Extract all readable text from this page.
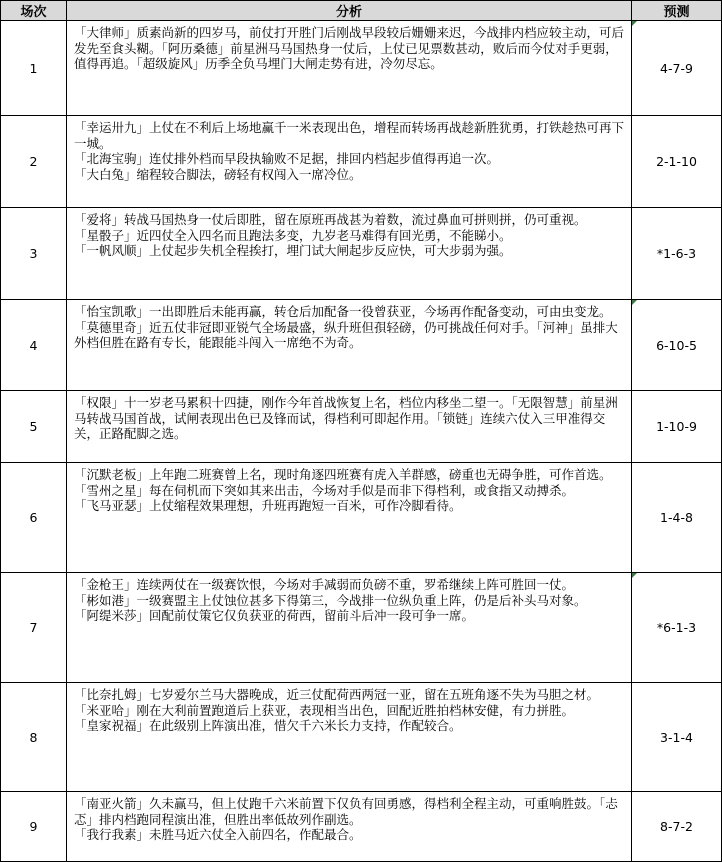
场次	分析	预测
1	「大律师」质素尚新的四岁马，前仗打开胜门后刚战早段较后姗姗来迟，今战排内档应较主动，可后发先至食头糊。「阿历桑德」前星洲马马国热身一仗后，上仗已见票数甚动，败后而今仗对手更弱，值得再追。「超级旋风」历季全负马埋门大闸走势有进，冷勿尽忘。	4-7-9
2	「幸运卅九」上仗在不利后上场地赢千一米表现出色，增程而转场再战趁新胜犹勇，打铁趁热可再下一城。
「北海宝驹」连仗排外档而早段执输败不足据，排回内档起步值得再追一次。
「大白兔」缩程较合脚法，磅轻有权闯入一席冷位。	2-1-10
3	「爱将」转战马国热身一仗后即胜，留在原班再战甚为着数，流过鼻血可拼则拼，仍可重视。
「星骰子」近四仗全入四名而且跑法多变，九岁老马难得有回光勇，不能睇小。
「一帆风顺」上仗起步失机全程挨打，埋门试大闸起步反应快，可大步弱为强。	*1-6-3
4	「怡宝凯歌」一出即胜后未能再赢，转仓后加配备一役曾获亚，今场再作配备变动，可由虫变龙。
「莫德里奇」近五仗非冠即亚锐气全场最盛，纵升班但孭轻磅，仍可挑战任何对手。「河神」虽排大外档但胜在路有专长，能跟能斗闯入一席绝不为奇。	6-10-5
5	「权限」十一岁老马累积十四捷，刚作今年首战恢复上名，档位内移坐二望一。「无限智慧」前星洲马转战马国首战，试闸表现出色已及锋而试，得档利可即起作用。「锁链」连续六仗入三甲准得交关，正路配脚之选。	1-10-9
6	「沉默老板」上年跑二班赛曾上名，现时角逐四班赛有虎入羊群感，磅重也无碍争胜，可作首选。
「雪州之星」每在伺机而下突如其来出击，今场对手似是而非下得档利，或食指又动搏杀。
「飞马亚瑟」上仗缩程效果理想，升班再跑短一百米，可作冷脚看待。	1-4-8
7	「金枪王」连续两仗在一级赛饮恨，今场对手减弱而负磅不重，罗希继续上阵可胜回一仗。
「彬如港」一级赛盟主上仗蚀位甚多下得第三，今战排一位纵负重上阵，仍是后补头马对象。
「阿缇米莎」回配前仗策它仅负获亚的荷西，留前斗后冲一段可争一席。	*6-1-3
8	「比奈扎姆」七岁爱尔兰马大器晚成，近三仗配荷西两冠一亚，留在五班角逐不失为马胆之材。
「米亚哈」刚在大利前置跑道后上获亚，表现相当出色，回配近胜拍档林安健，有力拼胜。
「皇家祝福」在此级别上阵演出准，惜欠千六米长力支持，作配较合。	3-1-4
9	「南亚火箭」久未赢马，但上仗跑千六米前置下仅负有回勇感，得档利全程主动，可重响胜鼓。「忐忑」排内档跑同程演出准，但胜出率低故列作副选。
「我行我素」未胜马近六仗全入前四名，作配最合。	8-7-2
